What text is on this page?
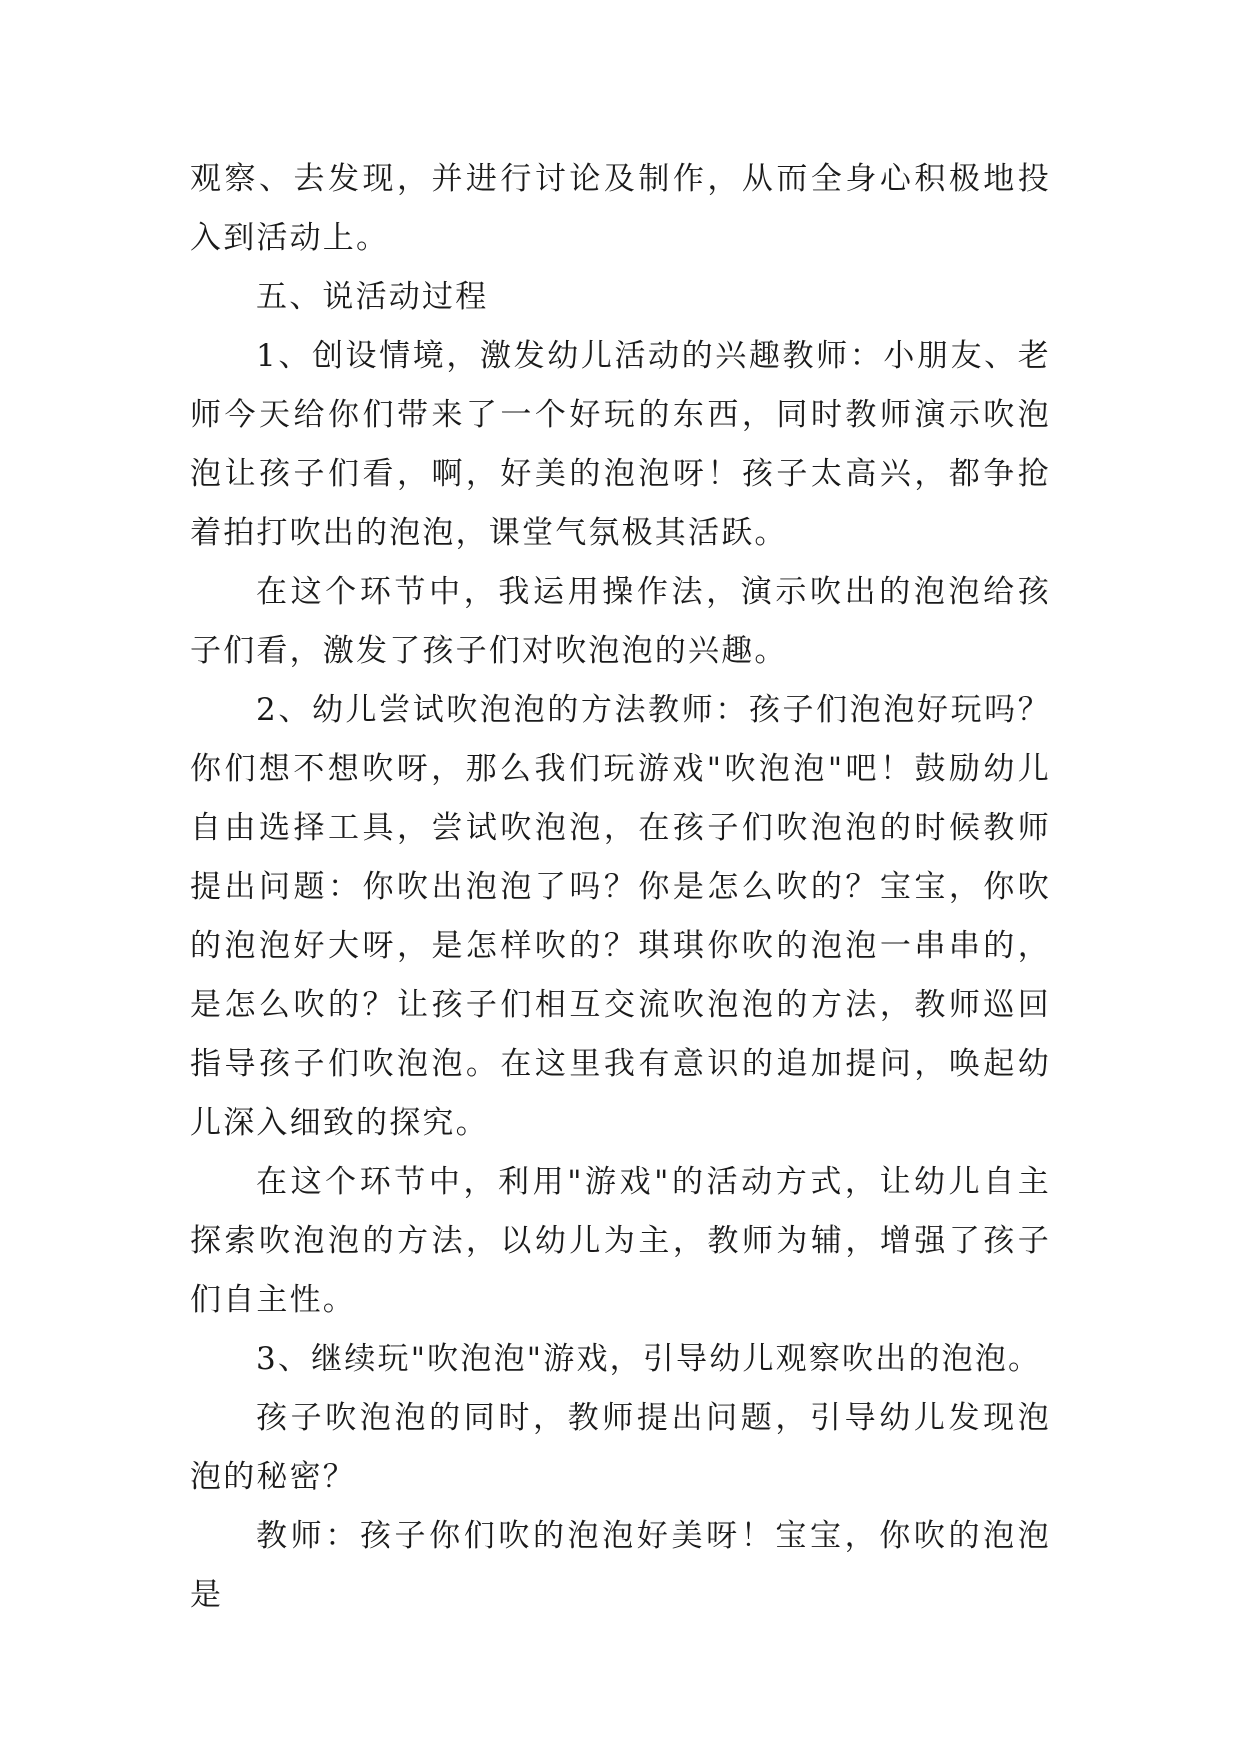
观察、去发现，并进行讨论及制作，从而全身心积极地投入到活动上。

五、说活动过程

1、创设情境，激发幼儿活动的兴趣教师：小朋友、老师今天给你们带来了一个好玩的东西，同时教师演示吹泡泡让孩子们看，啊，好美的泡泡呀！孩子太高兴，都争抢着拍打吹出的泡泡，课堂气氛极其活跃。

在这个环节中，我运用操作法，演示吹出的泡泡给孩子们看，激发了孩子们对吹泡泡的兴趣。

2、幼儿尝试吹泡泡的方法教师：孩子们泡泡好玩吗？你们想不想吹呀，那么我们玩游戏"吹泡泡"吧！鼓励幼儿自由选择工具，尝试吹泡泡，在孩子们吹泡泡的时候教师提出问题：你吹出泡泡了吗？你是怎么吹的？宝宝，你吹的泡泡好大呀，是怎样吹的？琪琪你吹的泡泡一串串的，是怎么吹的？让孩子们相互交流吹泡泡的方法，教师巡回指导孩子们吹泡泡。在这里我有意识的追加提问，唤起幼儿深入细致的探究。

在这个环节中，利用"游戏"的活动方式，让幼儿自主探索吹泡泡的方法，以幼儿为主，教师为辅，增强了孩子们自主性。

3、继续玩"吹泡泡"游戏，引导幼儿观察吹出的泡泡。

孩子吹泡泡的同时，教师提出问题，引导幼儿发现泡泡的秘密？

教师：孩子你们吹的泡泡好美呀！宝宝，你吹的泡泡是
